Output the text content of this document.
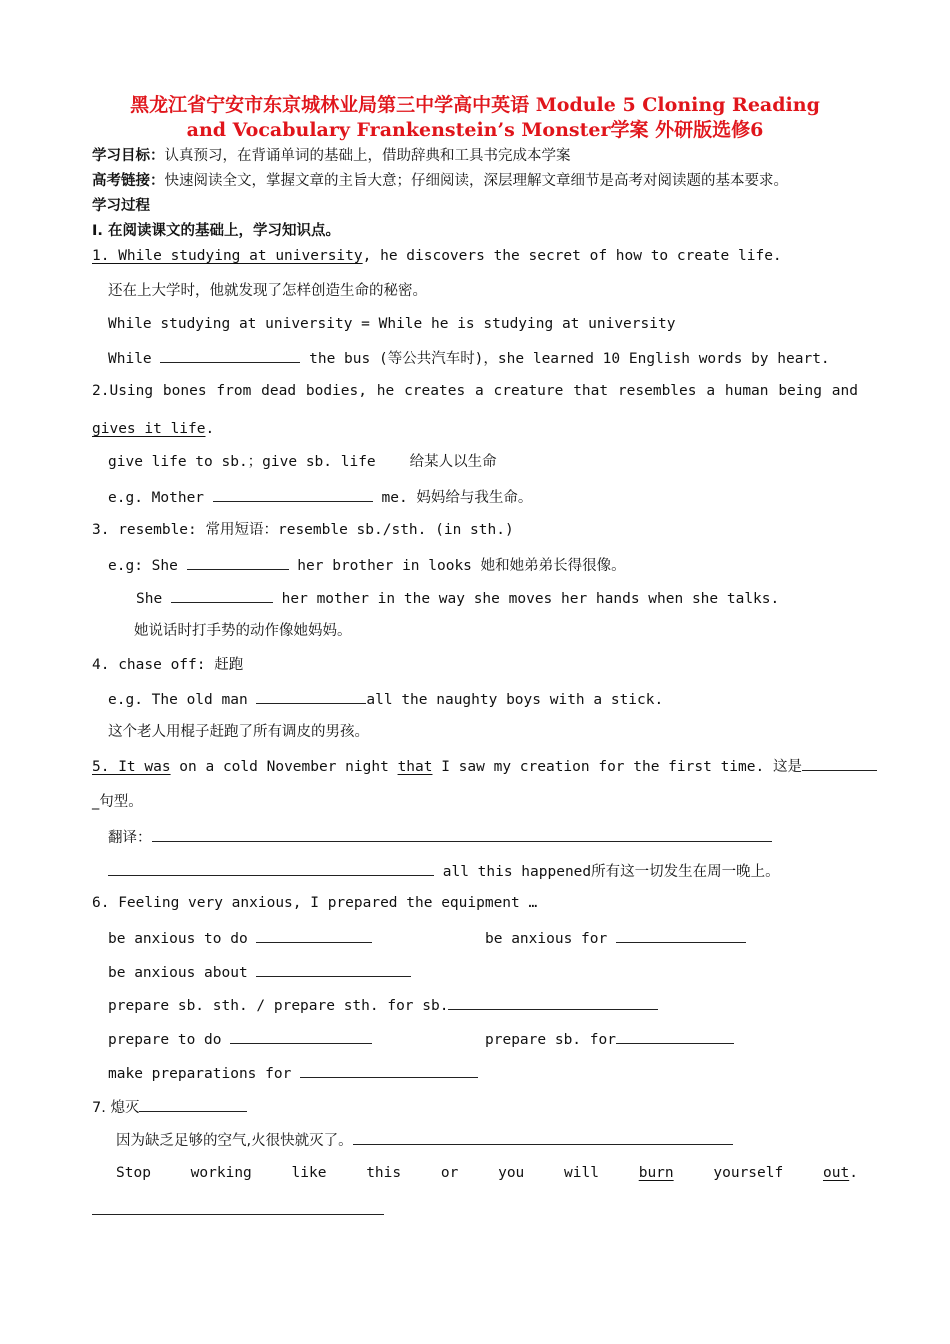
黑龙江省宁安市东京城林业局第三中学高中英语 Module 5 Cloning Reading
and Vocabulary Frankenstein’s Monster学案 外研版选修6
学习目标：认真预习，在背诵单词的基础上，借助辞典和工具书完成本学案
高考链接：快速阅读全文，掌握文章的主旨大意；仔细阅读，深层理解文章细节是高考对阅读题的基本要求。
学习过程
I. 在阅读课文的基础上，学习知识点。
1. While studying at university, he discovers the secret of how to create life.
还在上大学时，他就发现了怎样创造生命的秘密。
While studying at university = While he is studying at university
While	the bus (等公共汽车时)，she learned 10 English words by heart.
2.Using bones from dead bodies, he creates a creature that resembles a human being and
gives it life.
give life to sb.；give sb. life 给某人以生命
e.g. Mother	me. 妈妈给与我生命。
3. resemble: 常用短语：resemble sb./sth. (in sth.)
e.g: She	her brother in looks 她和她弟弟长得很像。
She	her mother in the way she moves her hands when she talks.
她说话时打手势的动作像她妈妈。
4. chase off: 赶跑
e.g. The old man	all the naughty boys with a stick.
这个老人用棍子赶跑了所有调皮的男孩。
5. It was on a cold November night that I saw my creation for the first time. 这是
_句型。
翻译：
all this happened所有这一切发生在周一晚上。
6. Feeling very anxious, I prepared the equipment …
be anxious to do	be anxious for
be anxious about
prepare sb. sth. / prepare sth. for sb.
prepare to do	prepare sb. for
make preparations for
7. 熄灭
因为缺乏足够的空气,火很快就灭了。
Stop	working	like	this	or	you	will	burn	yourself	out.
